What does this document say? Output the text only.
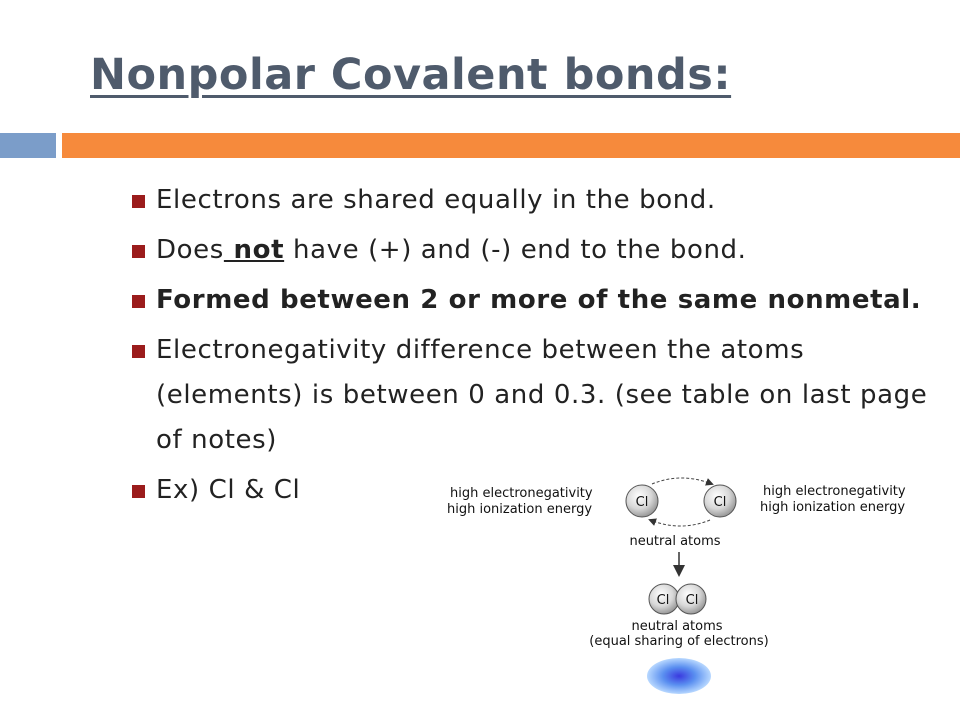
Nonpolar Covalent bonds:
Electrons are shared equally in the bond.
Does not have (+) and (-) end to the bond.
Formed between 2 or more of the same nonmetal.
Electronegativity difference between the atoms (elements) is between 0 and 0.3. (see table on last page of notes)
Ex) Cl & Cl	high electronegativity
high ionization energy
high electronegativity
high ionization energy
Cl	Cl
neutral atoms
Cl Cl
neutral atoms
(equal sharing of electrons)
